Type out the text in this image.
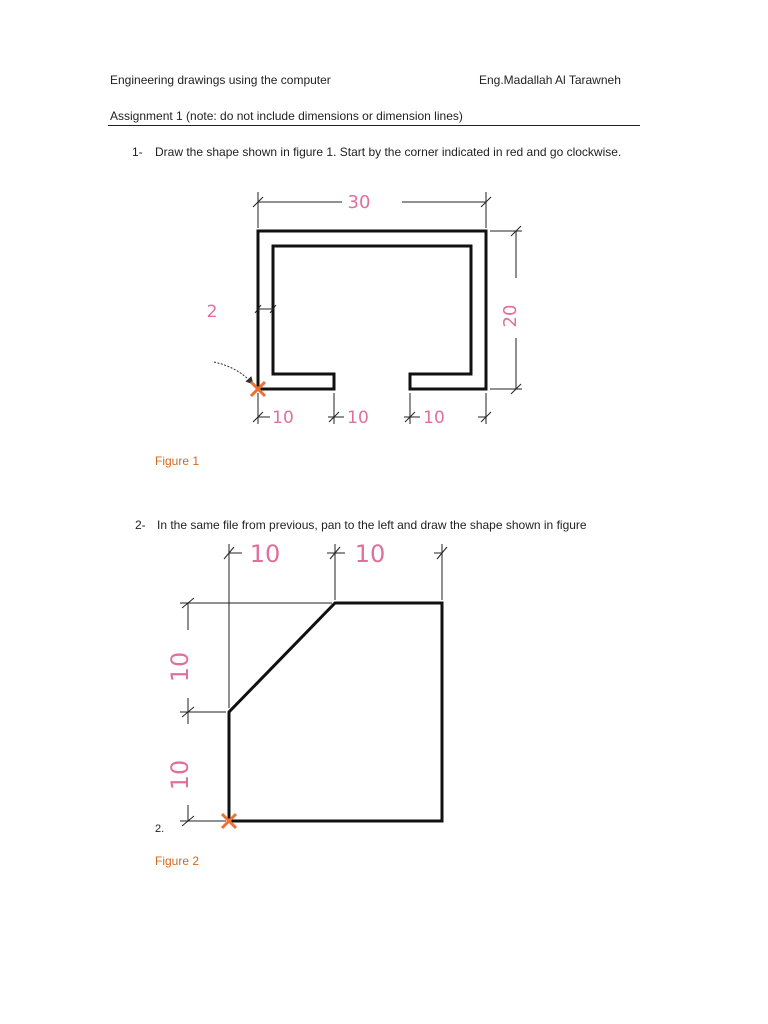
Engineering drawings using the computer	Eng.Madallah Al Tarawneh
Assignment 1 (note: do not include dimensions or dimension lines)
1- Draw the shape shown in figure 1. Start by the corner indicated in red and go clockwise.
2- In the same file from previous, pan to the left and draw the shape shown in figure
2.
Figure 1
Figure 2
30
20
2
10	10	10
10	10
10
10
